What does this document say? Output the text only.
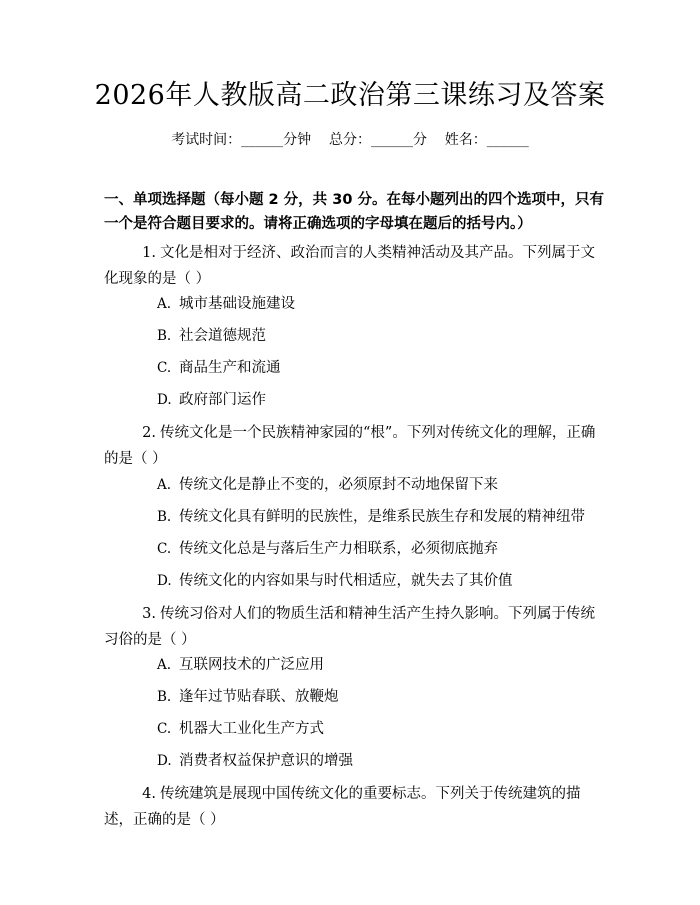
2026年人教版高二政治第三课练习及答案
考试时间：______分钟    总分：______分    姓名：______
一、单项选择题（每小题 2 分，共 30 分。在每小题列出的四个选项中，只有一个是符合题目要求的。请将正确选项的字母填在题后的括号内。）
1. 文化是相对于经济、政治而言的人类精神活动及其产品。下列属于文化现象的是（ ）
A. 城市基础设施建设
B. 社会道德规范
C. 商品生产和流通
D. 政府部门运作
2. 传统文化是一个民族精神家园的“根”。下列对传统文化的理解，正确的是（ ）
A. 传统文化是静止不变的，必须原封不动地保留下来
B. 传统文化具有鲜明的民族性，是维系民族生存和发展的精神纽带
C. 传统文化总是与落后生产力相联系，必须彻底抛弃
D. 传统文化的内容如果与时代相适应，就失去了其价值
3. 传统习俗对人们的物质生活和精神生活产生持久影响。下列属于传统习俗的是（ ）
A. 互联网技术的广泛应用
B. 逢年过节贴春联、放鞭炮
C. 机器大工业化生产方式
D. 消费者权益保护意识的增强
4. 传统建筑是展现中国传统文化的重要标志。下列关于传统建筑的描述，正确的是（ ）
